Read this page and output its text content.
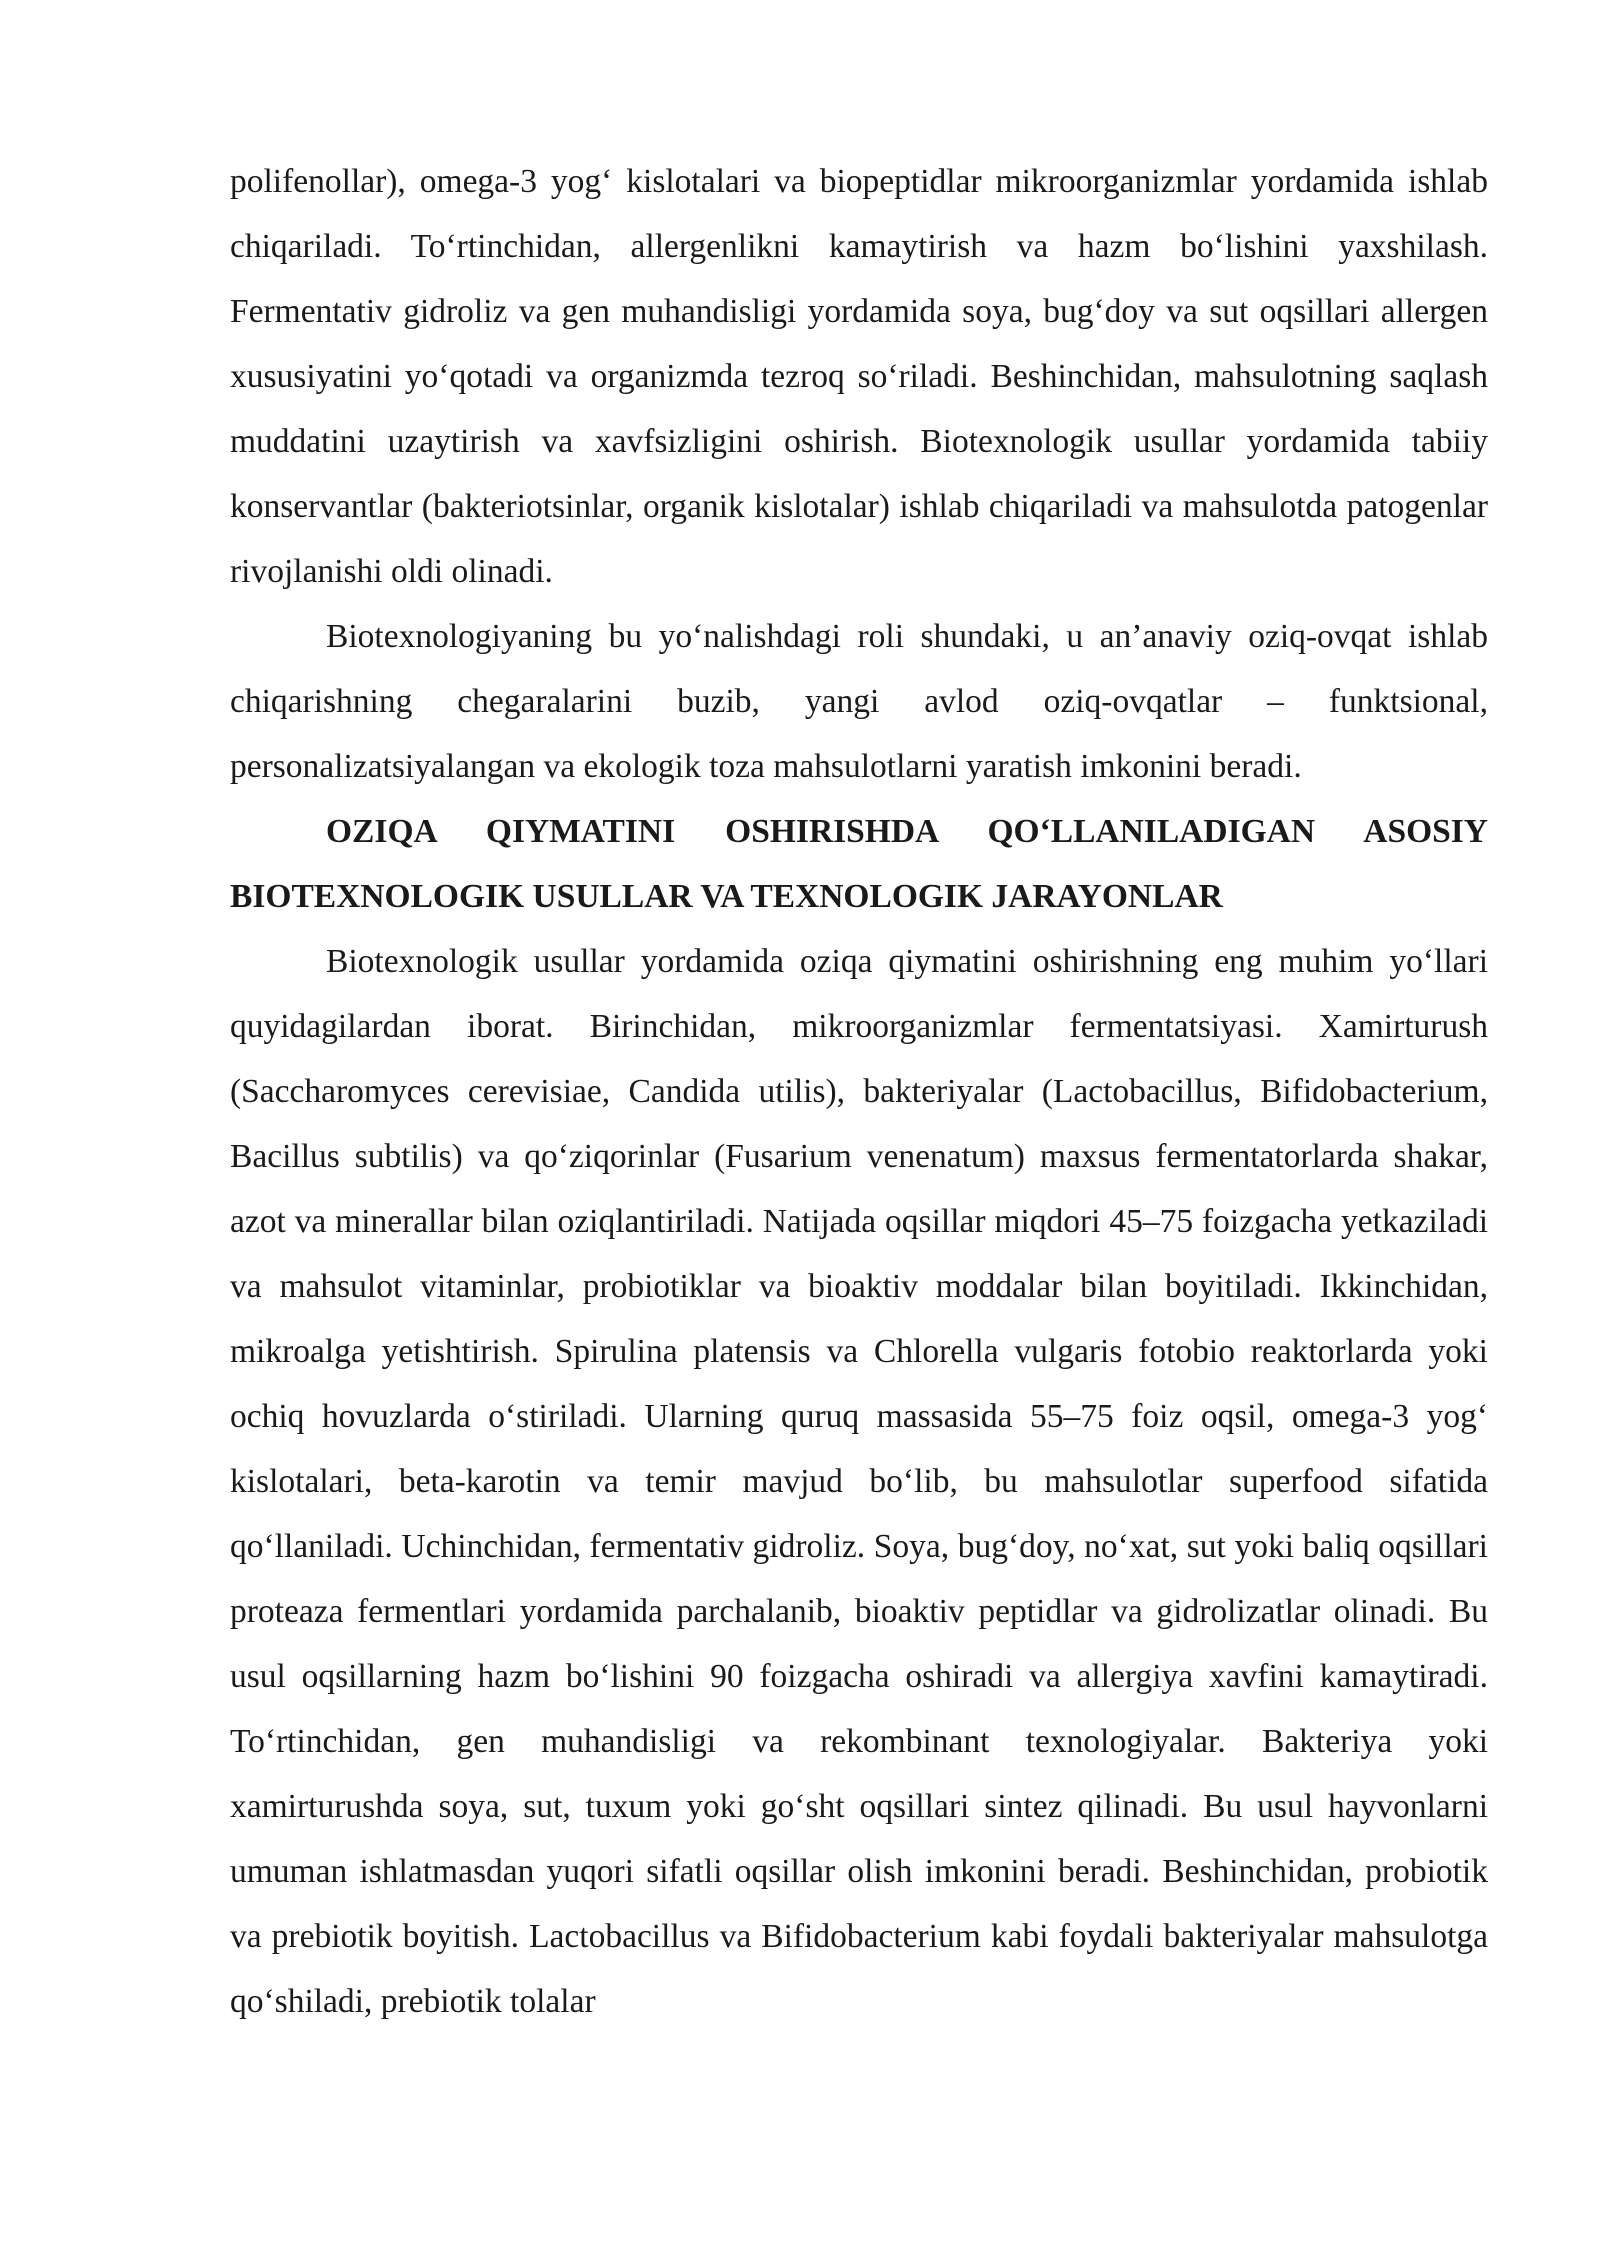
polifenollar), omega-3 yog‘ kislotalari va biopeptidlar mikroorganizmlar yordamida ishlab chiqariladi. To‘rtinchidan, allergenlikni kamaytirish va hazm bo‘lishini yaxshilash. Fermentativ gidroliz va gen muhandisligi yordamida soya, bug‘doy va sut oqsillari allergen xususiyatini yo‘qotadi va organizmda tezroq so‘riladi. Beshinchidan, mahsulotning saqlash muddatini uzaytirish va xavfsizligini oshirish. Biotexnologik usullar yordamida tabiiy konservantlar (bakteriotsinlar, organik kislotalar) ishlab chiqariladi va mahsulotda patogenlar rivojlanishi oldi olinadi.

Biotexnologiyaning bu yo‘nalishdagi roli shundaki, u an’anaviy oziq-ovqat ishlab chiqarishning chegaralarini buzib, yangi avlod oziq-ovqatlar – funktsional, personalizatsiyalangan va ekologik toza mahsulotlarni yaratish imkonini beradi.

OZIQA QIYMATINI OSHIRISHDA QO‘LLANILADIGAN ASOSIY BIOTEXNOLOGIK USULLAR VA TEXNOLOGIK JARAYONLAR

Biotexnologik usullar yordamida oziqa qiymatini oshirishning eng muhim yo‘llari quyidagilardan iborat. Birinchidan, mikroorganizmlar fermentatsiyasi. Xamirturush (Saccharomyces cerevisiae, Candida utilis), bakteriyalar (Lactobacillus, Bifidobacterium, Bacillus subtilis) va qo‘ziqorinlar (Fusarium venenatum) maxsus fermentatorlarda shakar, azot va minerallar bilan oziqlantiriladi. Natijada oqsillar miqdori 45–75 foizgacha yetkaziladi va mahsulot vitaminlar, probiotiklar va bioaktiv moddalar bilan boyitiladi. Ikkinchidan, mikroalga yetishtirish. Spirulina platensis va Chlorella vulgaris fotobio reaktorlarda yoki ochiq hovuzlarda o‘stiriladi. Ularning quruq massasida 55–75 foiz oqsil, omega-3 yog‘ kislotalari, beta-karotin va temir mavjud bo‘lib, bu mahsulotlar superfood sifatida qo‘llaniladi. Uchinchidan, fermentativ gidroliz. Soya, bug‘doy, no‘xat, sut yoki baliq oqsillari proteaza fermentlari yordamida parchalanib, bioaktiv peptidlar va gidrolizatlar olinadi. Bu usul oqsillarning hazm bo‘lishini 90 foizgacha oshiradi va allergiya xavfini kamaytiradi. To‘rtinchidan, gen muhandisligi va rekombinant texnologiyalar. Bakteriya yoki xamirturushda soya, sut, tuxum yoki go‘sht oqsillari sintez qilinadi. Bu usul hayvonlarni umuman ishlatmasdan yuqori sifatli oqsillar olish imkonini beradi. Beshinchidan, probiotik va prebiotik boyitish. Lactobacillus va Bifidobacterium kabi foydali bakteriyalar mahsulotga qo‘shiladi, prebiotik tolalar
